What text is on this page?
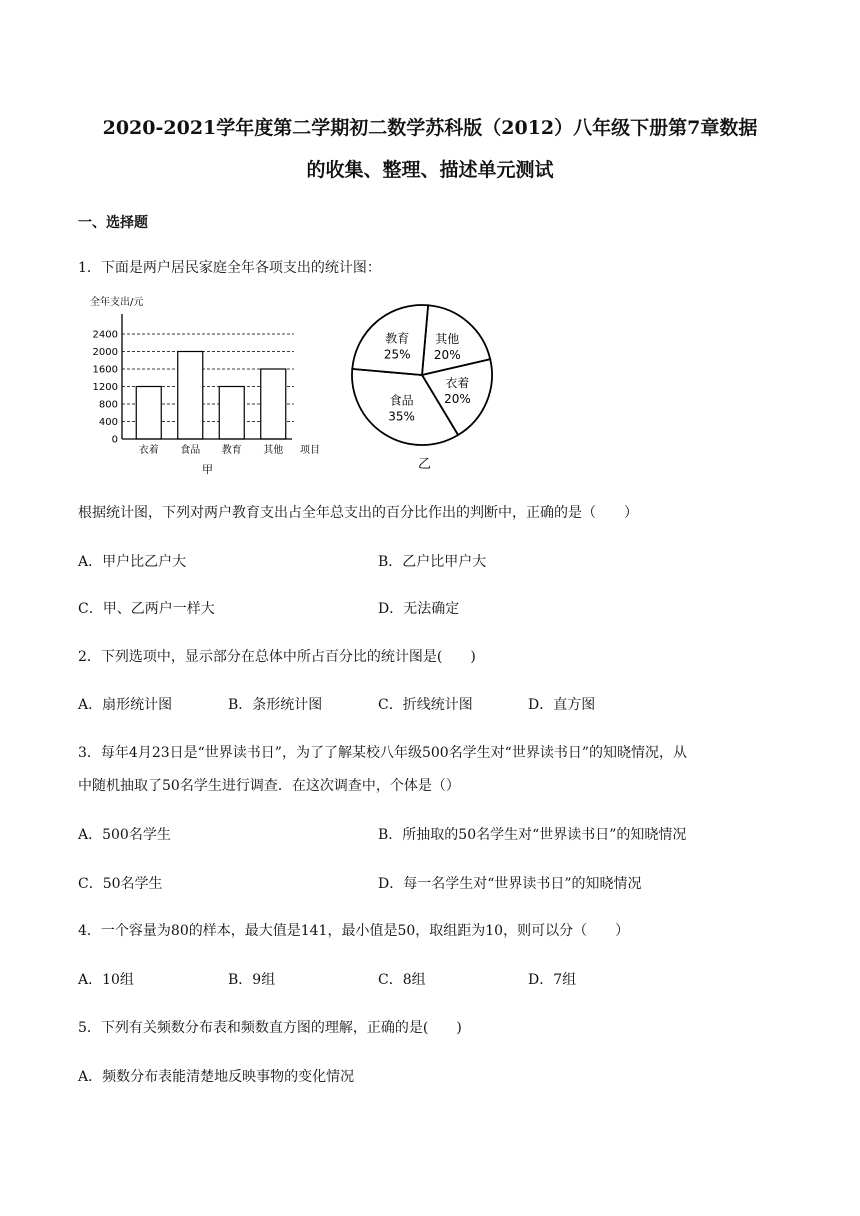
2020-2021学年度第二学期初二数学苏科版（2012）八年级下册第7章数据
的收集、整理、描述单元测试
一、选择题
1．下面是两户居民家庭全年各项支出的统计图：
全年支出/元
0
400
800
1200
1600
2000
2400
衣着 食品 教育 其他 项目
甲
其他
20%
衣着
20%
食品
35%
教育
25%
乙
根据统计图，下列对两户教育支出占全年总支出的百分比作出的判断中，正确的是（　　）
A．甲户比乙户大	B．乙户比甲户大
C．甲、乙两户一样大	D．无法确定
2．下列选项中，显示部分在总体中所占百分比的统计图是(　　)
A．扇形统计图	B．条形统计图	C．折线统计图	D．直方图
3．每年4月23日是“世界读书日”，为了了解某校八年级500名学生对“世界读书日”的知晓情况，从
中随机抽取了50名学生进行调查．在这次调查中，个体是（）
A．500名学生	B．所抽取的50名学生对“世界读书日”的知晓情况
C．50名学生	D．每一名学生对“世界读书日”的知晓情况
4．一个容量为80的样本，最大值是141，最小值是50，取组距为10，则可以分（　　）
A．10组	B．9组	C．8组	D．7组
5．下列有关频数分布表和频数直方图的理解，正确的是(　　)
A．频数分布表能清楚地反映事物的变化情况
